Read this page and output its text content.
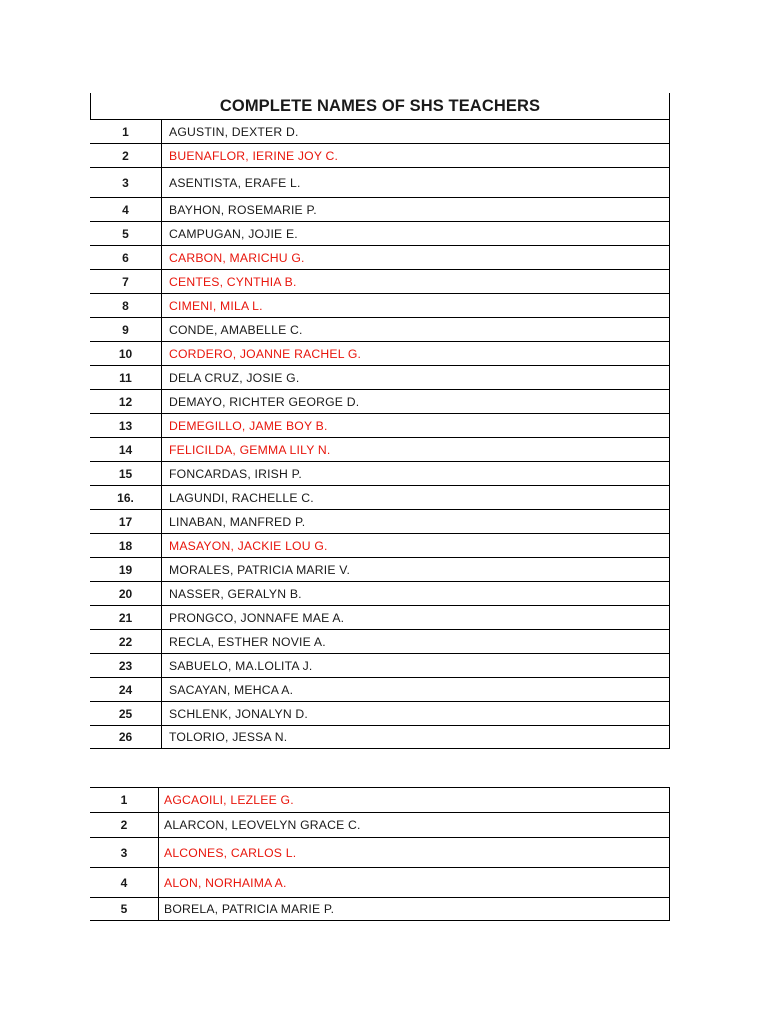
COMPLETE NAMES OF SHS TEACHERS
1	AGUSTIN, DEXTER D.
2	BUENAFLOR, IERINE JOY C.
3	ASENTISTA, ERAFE L.
4	BAYHON, ROSEMARIE P.
5	CAMPUGAN, JOJIE E.
6	CARBON, MARICHU G.
7	CENTES, CYNTHIA B.
8	CIMENI, MILA L.
9	CONDE, AMABELLE C.
10	CORDERO, JOANNE RACHEL G.
11	DELA CRUZ, JOSIE G.
12	DEMAYO, RICHTER GEORGE D.
13	DEMEGILLO, JAME BOY B.
14	FELICILDA, GEMMA LILY N.
15	FONCARDAS, IRISH P.
16.	LAGUNDI, RACHELLE C.
17	LINABAN, MANFRED P.
18	MASAYON, JACKIE LOU G.
19	MORALES, PATRICIA MARIE V.
20	NASSER, GERALYN B.
21	PRONGCO, JONNAFE MAE A.
22	RECLA, ESTHER NOVIE A.
23	SABUELO, MA.LOLITA J.
24	SACAYAN, MEHCA A.
25	SCHLENK, JONALYN D.
26	TOLORIO, JESSA N.
1	AGCAOILI, LEZLEE G.
2	ALARCON, LEOVELYN GRACE C.
3	ALCONES, CARLOS L.
4	ALON, NORHAIMA A.
5	BORELA, PATRICIA MARIE P.
